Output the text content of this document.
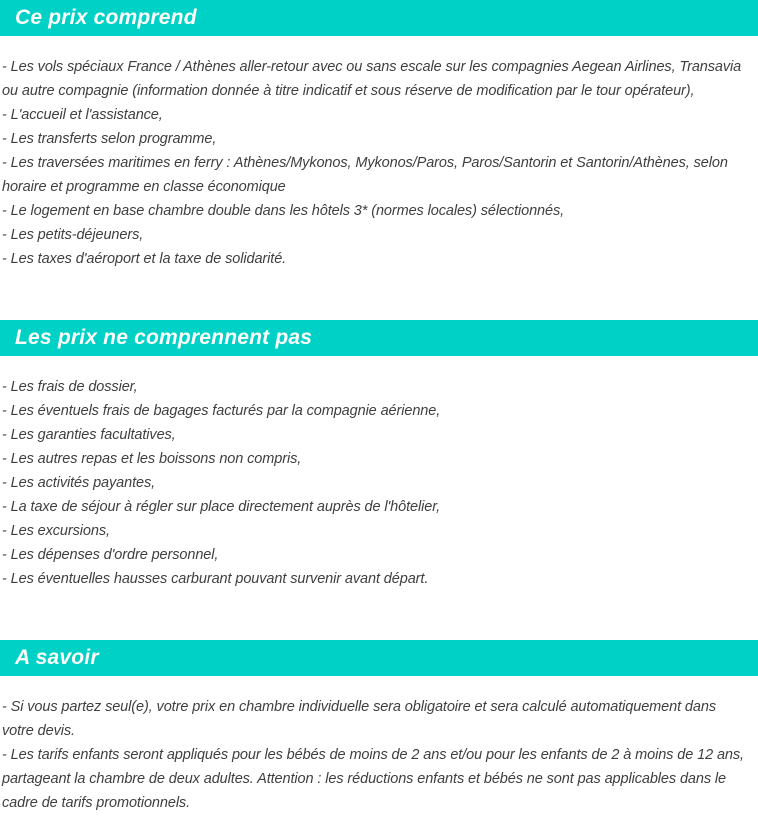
Ce prix comprend
- Les vols spéciaux France / Athènes aller-retour avec ou sans escale sur les compagnies Aegean Airlines, Transavia ou autre compagnie (information donnée à titre indicatif et sous réserve de modification par le tour opérateur),
- L'accueil et l'assistance,
- Les transferts selon programme,
- Les traversées maritimes en ferry : Athènes/Mykonos, Mykonos/Paros, Paros/Santorin et Santorin/Athènes, selon horaire et programme en classe économique
- Le logement en base chambre double dans les hôtels 3* (normes locales) sélectionnés,
- Les petits-déjeuners,
- Les taxes d'aéroport et la taxe de solidarité.
Les prix ne comprennent pas
- Les frais de dossier,
- Les éventuels frais de bagages facturés par la compagnie aérienne,
- Les garanties facultatives,
- Les autres repas et les boissons non compris,
- Les activités payantes,
- La taxe de séjour à régler sur place directement auprès de l'hôtelier,
- Les excursions,
- Les dépenses d'ordre personnel,
- Les éventuelles hausses carburant pouvant survenir avant départ.
A savoir
- Si vous partez seul(e), votre prix en chambre individuelle sera obligatoire et sera calculé automatiquement dans votre devis.
- Les tarifs enfants seront appliqués pour les bébés de moins de 2 ans et/ou pour les enfants de 2 à moins de 12 ans, partageant la chambre de deux adultes. Attention : les réductions enfants et bébés ne sont pas applicables dans le cadre de tarifs promotionnels.
